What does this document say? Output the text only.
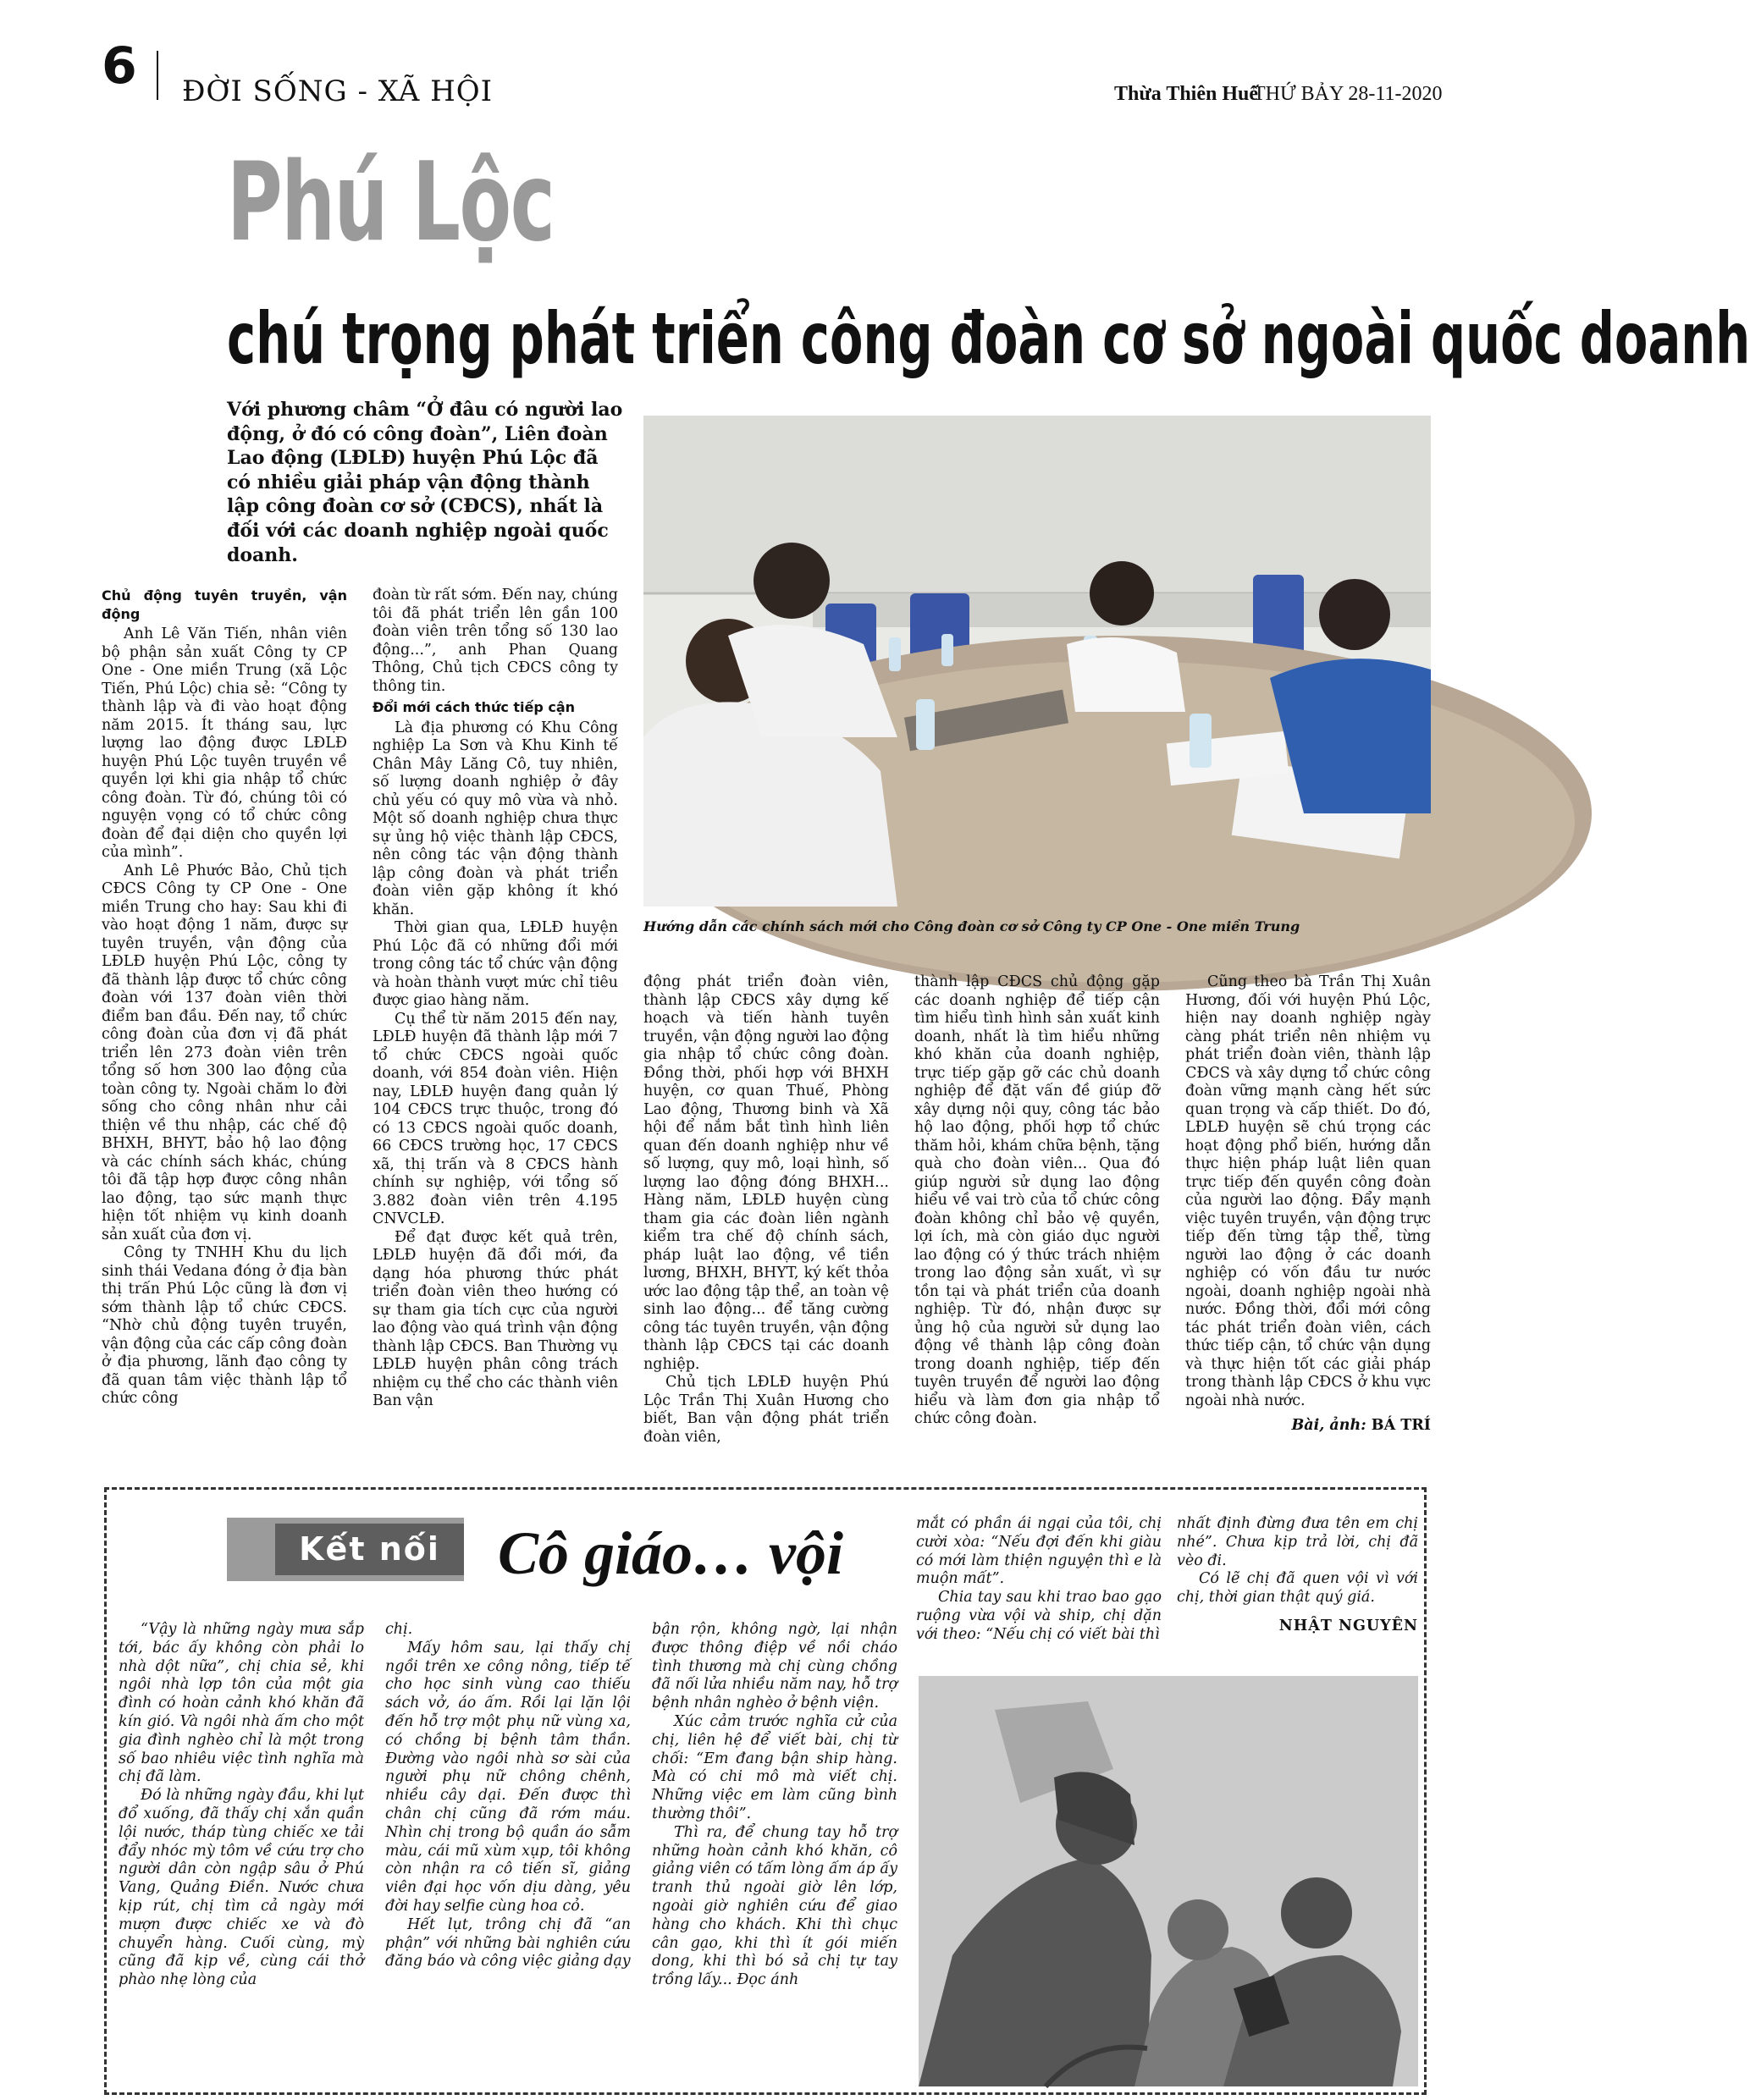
6 ĐỜI SỐNG - XÃ HỘI	Thừa Thiên Huế
THỨ BẢY 28-11-2020
Phú Lộc
chú trọng phát triển công đoàn cơ sở ngoài quốc doanh
Với phương châm “Ở đâu có người lao động, ở đó có công đoàn”, Liên đoàn Lao động (LĐLĐ) huyện Phú Lộc đã có nhiều giải pháp vận động thành lập công đoàn cơ sở (CĐCS), nhất là đối với các doanh nghiệp ngoài quốc doanh.
Hướng dẫn các chính sách mới cho Công đoàn cơ sở Công ty CP One - One miền Trung

Chủ động tuyên truyền, vận động

Anh Lê Văn Tiến, nhân viên bộ phận sản xuất Công ty CP One - One miền Trung (xã Lộc Tiến, Phú Lộc) chia sẻ: “Công ty thành lập và đi vào hoạt động năm 2015. Ít tháng sau, lực lượng lao động được LĐLĐ huyện Phú Lộc tuyên truyền về quyền lợi khi gia nhập tổ chức công đoàn. Từ đó, chúng tôi có nguyện vọng có tổ chức công đoàn để đại diện cho quyền lợi của mình”.

Anh Lê Phước Bảo, Chủ tịch CĐCS Công ty CP One - One miền Trung cho hay: Sau khi đi vào hoạt động 1 năm, được sự tuyên truyền, vận động của LĐLĐ huyện Phú Lộc, công ty đã thành lập được tổ chức công đoàn với 137 đoàn viên thời điểm ban đầu. Đến nay, tổ chức công đoàn của đơn vị đã phát triển lên 273 đoàn viên trên tổng số hơn 300 lao động của toàn công ty. Ngoài chăm lo đời sống cho công nhân như cải thiện về thu nhập, các chế độ BHXH, BHYT, bảo hộ lao động và các chính sách khác, chúng tôi đã tập hợp được công nhân lao động, tạo sức mạnh thực hiện tốt nhiệm vụ kinh doanh sản xuất của đơn vị.

Công ty TNHH Khu du lịch sinh thái Vedana đóng ở địa bàn thị trấn Phú Lộc cũng là đơn vị sớm thành lập tổ chức CĐCS. “Nhờ chủ động tuyên truyền, vận động của các cấp công đoàn ở địa phương, lãnh đạo công ty đã quan tâm việc thành lập tổ chức công

đoàn từ rất sớm. Đến nay, chúng tôi đã phát triển lên gần 100 đoàn viên trên tổng số 130 lao động...”, anh Phan Quang Thông, Chủ tịch CĐCS công ty thông tin.

Đổi mới cách thức tiếp cận

Là địa phương có Khu Công nghiệp La Sơn và Khu Kinh tế Chân Mây Lăng Cô, tuy nhiên, số lượng doanh nghiệp ở đây chủ yếu có quy mô vừa và nhỏ. Một số doanh nghiệp chưa thực sự ủng hộ việc thành lập CĐCS, nên công tác vận động thành lập công đoàn và phát triển đoàn viên gặp không ít khó khăn.

Thời gian qua, LĐLĐ huyện Phú Lộc đã có những đổi mới trong công tác tổ chức vận động và hoàn thành vượt mức chỉ tiêu được giao hàng năm.

Cụ thể từ năm 2015 đến nay, LĐLĐ huyện đã thành lập mới 7 tổ chức CĐCS ngoài quốc doanh, với 854 đoàn viên. Hiện nay, LĐLĐ huyện đang quản lý 104 CĐCS trực thuộc, trong đó có 13 CĐCS ngoài quốc doanh, 66 CĐCS trường học, 17 CĐCS xã, thị trấn và 8 CĐCS hành chính sự nghiệp, với tổng số 3.882 đoàn viên trên 4.195 CNVCLĐ.

Để đạt được kết quả trên, LĐLĐ huyện đã đổi mới, đa dạng hóa phương thức phát triển đoàn viên theo hướng có sự tham gia tích cực của người lao động vào quá trình vận động thành lập CĐCS. Ban Thường vụ LĐLĐ huyện phân công trách nhiệm cụ thể cho các thành viên Ban vận

động phát triển đoàn viên, thành lập CĐCS xây dựng kế hoạch và tiến hành tuyên truyền, vận động người lao động gia nhập tổ chức công đoàn. Đồng thời, phối hợp với BHXH huyện, cơ quan Thuế, Phòng Lao động, Thương binh và Xã hội để nắm bắt tình hình liên quan đến doanh nghiệp như về số lượng, quy mô, loại hình, số lượng lao động đóng BHXH... Hàng năm, LĐLĐ huyện cùng tham gia các đoàn liên ngành kiểm tra chế độ chính sách, pháp luật lao động, về tiền lương, BHXH, BHYT, ký kết thỏa ước lao động tập thể, an toàn vệ sinh lao động... để tăng cường công tác tuyên truyền, vận động thành lập CĐCS tại các doanh nghiệp.

Chủ tịch LĐLĐ huyện Phú Lộc Trần Thị Xuân Hương cho biết, Ban vận động phát triển đoàn viên,

thành lập CĐCS chủ động gặp các doanh nghiệp để tiếp cận tìm hiểu tình hình sản xuất kinh doanh, nhất là tìm hiểu những khó khăn của doanh nghiệp, trực tiếp gặp gỡ các chủ doanh nghiệp để đặt vấn đề giúp đỡ xây dựng nội quy, công tác bảo hộ lao động, phối hợp tổ chức thăm hỏi, khám chữa bệnh, tặng quà cho đoàn viên... Qua đó giúp người sử dụng lao động hiểu về vai trò của tổ chức công đoàn không chỉ bảo vệ quyền, lợi ích, mà còn giáo dục người lao động có ý thức trách nhiệm trong lao động sản xuất, vì sự tồn tại và phát triển của doanh nghiệp. Từ đó, nhận được sự ủng hộ của người sử dụng lao động về thành lập công đoàn trong doanh nghiệp, tiếp đến tuyên truyền để người lao động hiểu và làm đơn gia nhập tổ chức công đoàn.

Cũng theo bà Trần Thị Xuân Hương, đối với huyện Phú Lộc, hiện nay doanh nghiệp ngày càng phát triển nên nhiệm vụ phát triển đoàn viên, thành lập CĐCS và xây dựng tổ chức công đoàn vững mạnh càng hết sức quan trọng và cấp thiết. Do đó, LĐLĐ huyện sẽ chú trọng các hoạt động phổ biến, hướng dẫn thực hiện pháp luật liên quan trực tiếp đến quyền công đoàn của người lao động. Đẩy mạnh việc tuyên truyền, vận động trực tiếp đến từng tập thể, từng người lao động ở các doanh nghiệp có vốn đầu tư nước ngoài, doanh nghiệp ngoài nhà nước. Đồng thời, đổi mới công tác phát triển đoàn viên, cách thức tiếp cận, tổ chức vận dụng và thực hiện tốt các giải pháp trong thành lập CĐCS ở khu vực ngoài nhà nước.

Bài, ảnh: BÁ TRÍ

Kết nối Cô giáo… vội

“Vậy là những ngày mưa sắp tới, bác ấy không còn phải lo nhà dột nữa”, chị chia sẻ, khi ngôi nhà lợp tôn của một gia đình có hoàn cảnh khó khăn đã kín gió. Và ngôi nhà ấm cho một gia đình nghèo chỉ là một trong số bao nhiêu việc tình nghĩa mà chị đã làm.

Đó là những ngày đầu, khi lụt đổ xuống, đã thấy chị xắn quần lội nước, tháp tùng chiếc xe tải đẩy nhóc mỳ tôm về cứu trợ cho người dân còn ngập sâu ở Phú Vang, Quảng Điền. Nước chưa kịp rút, chị tìm cả ngày mới mượn được chiếc xe và đò chuyển hàng. Cuối cùng, mỳ cũng đã kịp về, cùng cái thở phào nhẹ lòng của

chị.

Mấy hôm sau, lại thấy chị ngồi trên xe công nông, tiếp tế cho học sinh vùng cao thiếu sách vở, áo ấm. Rồi lại lặn lội đến hỗ trợ một phụ nữ vùng xa, có chồng bị bệnh tâm thần. Đường vào ngôi nhà sơ sài của người phụ nữ chông chênh, nhiều cây dại. Đến được thì chân chị cũng đã rớm máu. Nhìn chị trong bộ quần áo sẫm màu, cái mũ xùm xụp, tôi không còn nhận ra cô tiến sĩ, giảng viên đại học vốn dịu dàng, yêu đời hay selfie cùng hoa cỏ.

Hết lụt, trông chị đã “an phận” với những bài nghiên cứu đăng báo và công việc giảng dạy

bận rộn, không ngờ, lại nhận được thông điệp về nồi cháo tình thương mà chị cùng chồng đã nối lửa nhiều năm nay, hỗ trợ bệnh nhân nghèo ở bệnh viện.

Xúc cảm trước nghĩa cử của chị, liên hệ để viết bài, chị từ chối: “Em đang bận ship hàng. Mà có chi mô mà viết chị. Những việc em làm cũng bình thường thôi”.

Thì ra, để chung tay hỗ trợ những hoàn cảnh khó khăn, cô giảng viên có tấm lòng ấm áp ấy tranh thủ ngoài giờ lên lớp, ngoài giờ nghiên cứu để giao hàng cho khách. Khi thì chục cân gạo, khi thì ít gói miến dong, khi thì bó sả chị tự tay trồng lấy... Đọc ánh

mắt có phần ái ngại của tôi, chị cười xòa: “Nếu đợi đến khi giàu có mới làm thiện nguyện thì e là muộn mất”.

Chia tay sau khi trao bao gạo ruộng vừa vội và ship, chị dặn với theo: “Nếu chị có viết bài thì

nhất định đừng đưa tên em chị nhé”. Chưa kịp trả lời, chị đã vèo đi.

Có lẽ chị đã quen vội vì với chị, thời gian thật quý giá.

NHẬT NGUYÊN
